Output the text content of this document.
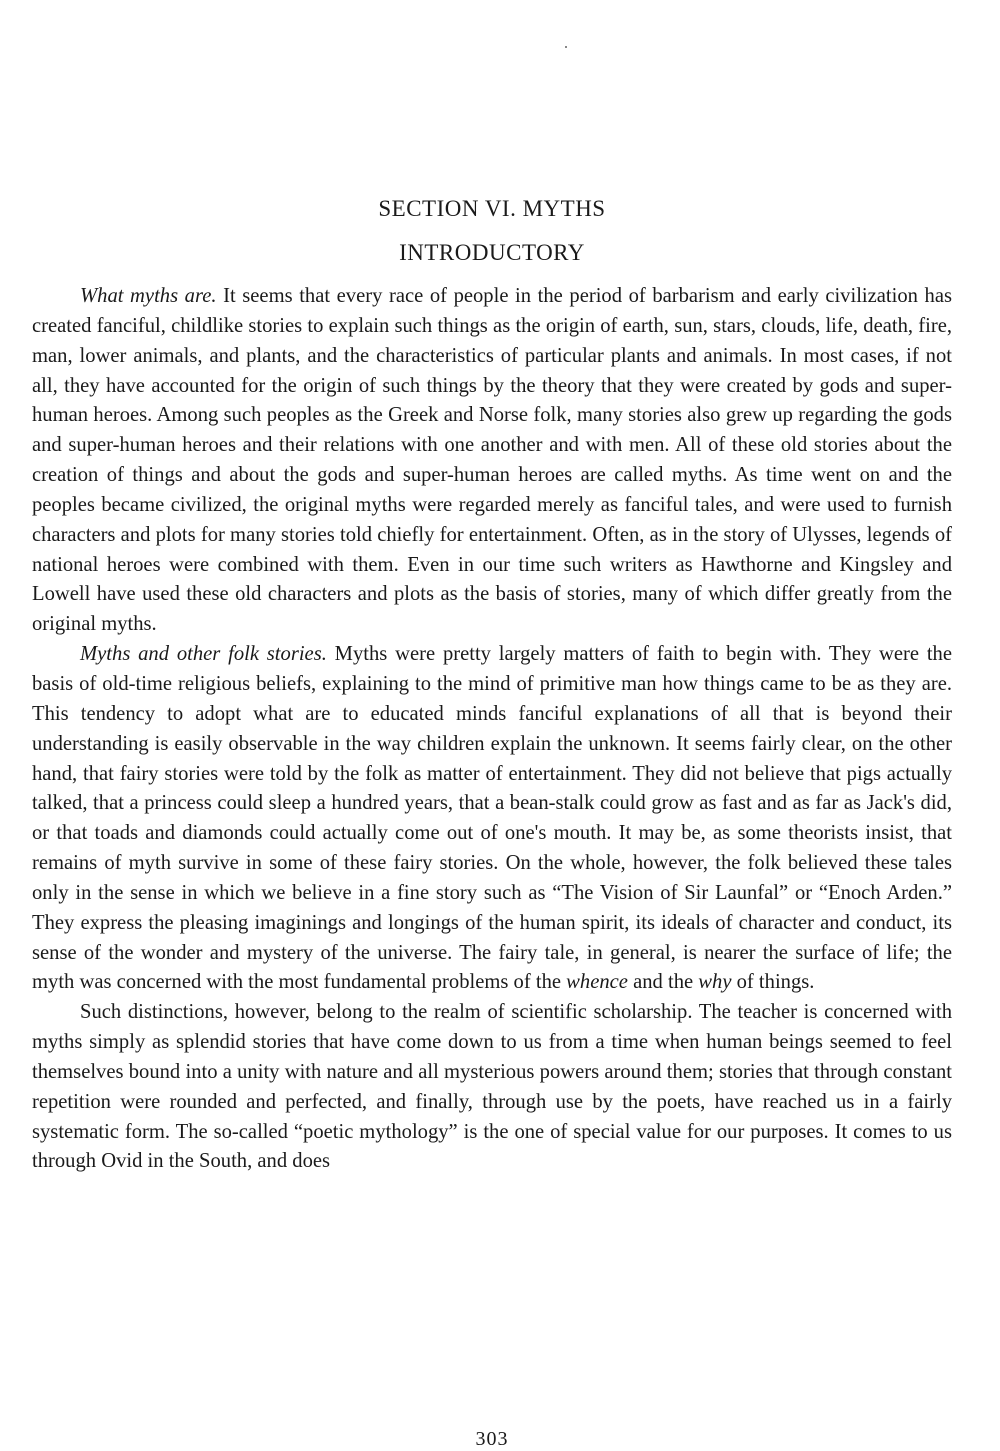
SECTION VI. MYTHS
INTRODUCTORY

What myths are. It seems that every race of people in the period of barbarism and early civilization has created fanciful, childlike stories to explain such things as the origin of earth, sun, stars, clouds, life, death, fire, man, lower animals, and plants, and the characteristics of particular plants and animals. In most cases, if not all, they have accounted for the origin of such things by the theory that they were created by gods and super-human heroes. Among such peoples as the Greek and Norse folk, many stories also grew up regarding the gods and super-human heroes and their relations with one another and with men. All of these old stories about the creation of things and about the gods and super-human heroes are called myths. As time went on and the peoples became civilized, the original myths were regarded merely as fanciful tales, and were used to furnish characters and plots for many stories told chiefly for entertainment. Often, as in the story of Ulysses, legends of national heroes were combined with them. Even in our time such writers as Hawthorne and Kingsley and Lowell have used these old characters and plots as the basis of stories, many of which differ greatly from the original myths.

Myths and other folk stories. Myths were pretty largely matters of faith to begin with. They were the basis of old-time religious beliefs, explaining to the mind of primitive man how things came to be as they are. This tendency to adopt what are to educated minds fanciful explanations of all that is beyond their understanding is easily observable in the way children explain the unknown. It seems fairly clear, on the other hand, that fairy stories were told by the folk as matter of entertainment. They did not believe that pigs actually talked, that a princess could sleep a hundred years, that a bean-stalk could grow as fast and as far as Jack's did, or that toads and diamonds could actually come out of one's mouth. It may be, as some theorists insist, that remains of myth survive in some of these fairy stories. On the whole, however, the folk believed these tales only in the sense in which we believe in a fine story such as “The Vision of Sir Launfal” or “Enoch Arden.” They express the pleasing imaginings and longings of the human spirit, its ideals of character and conduct, its sense of the wonder and mystery of the universe. The fairy tale, in general, is nearer the surface of life; the myth was concerned with the most fundamental problems of the whence and the why of things.

Such distinctions, however, belong to the realm of scientific scholarship. The teacher is concerned with myths simply as splendid stories that have come down to us from a time when human beings seemed to feel themselves bound into a unity with nature and all mysterious powers around them; stories that through constant repetition were rounded and perfected, and finally, through use by the poets, have reached us in a fairly systematic form. The so-called “poetic mythology” is the one of special value for our purposes. It comes to us through Ovid in the South, and does

303
